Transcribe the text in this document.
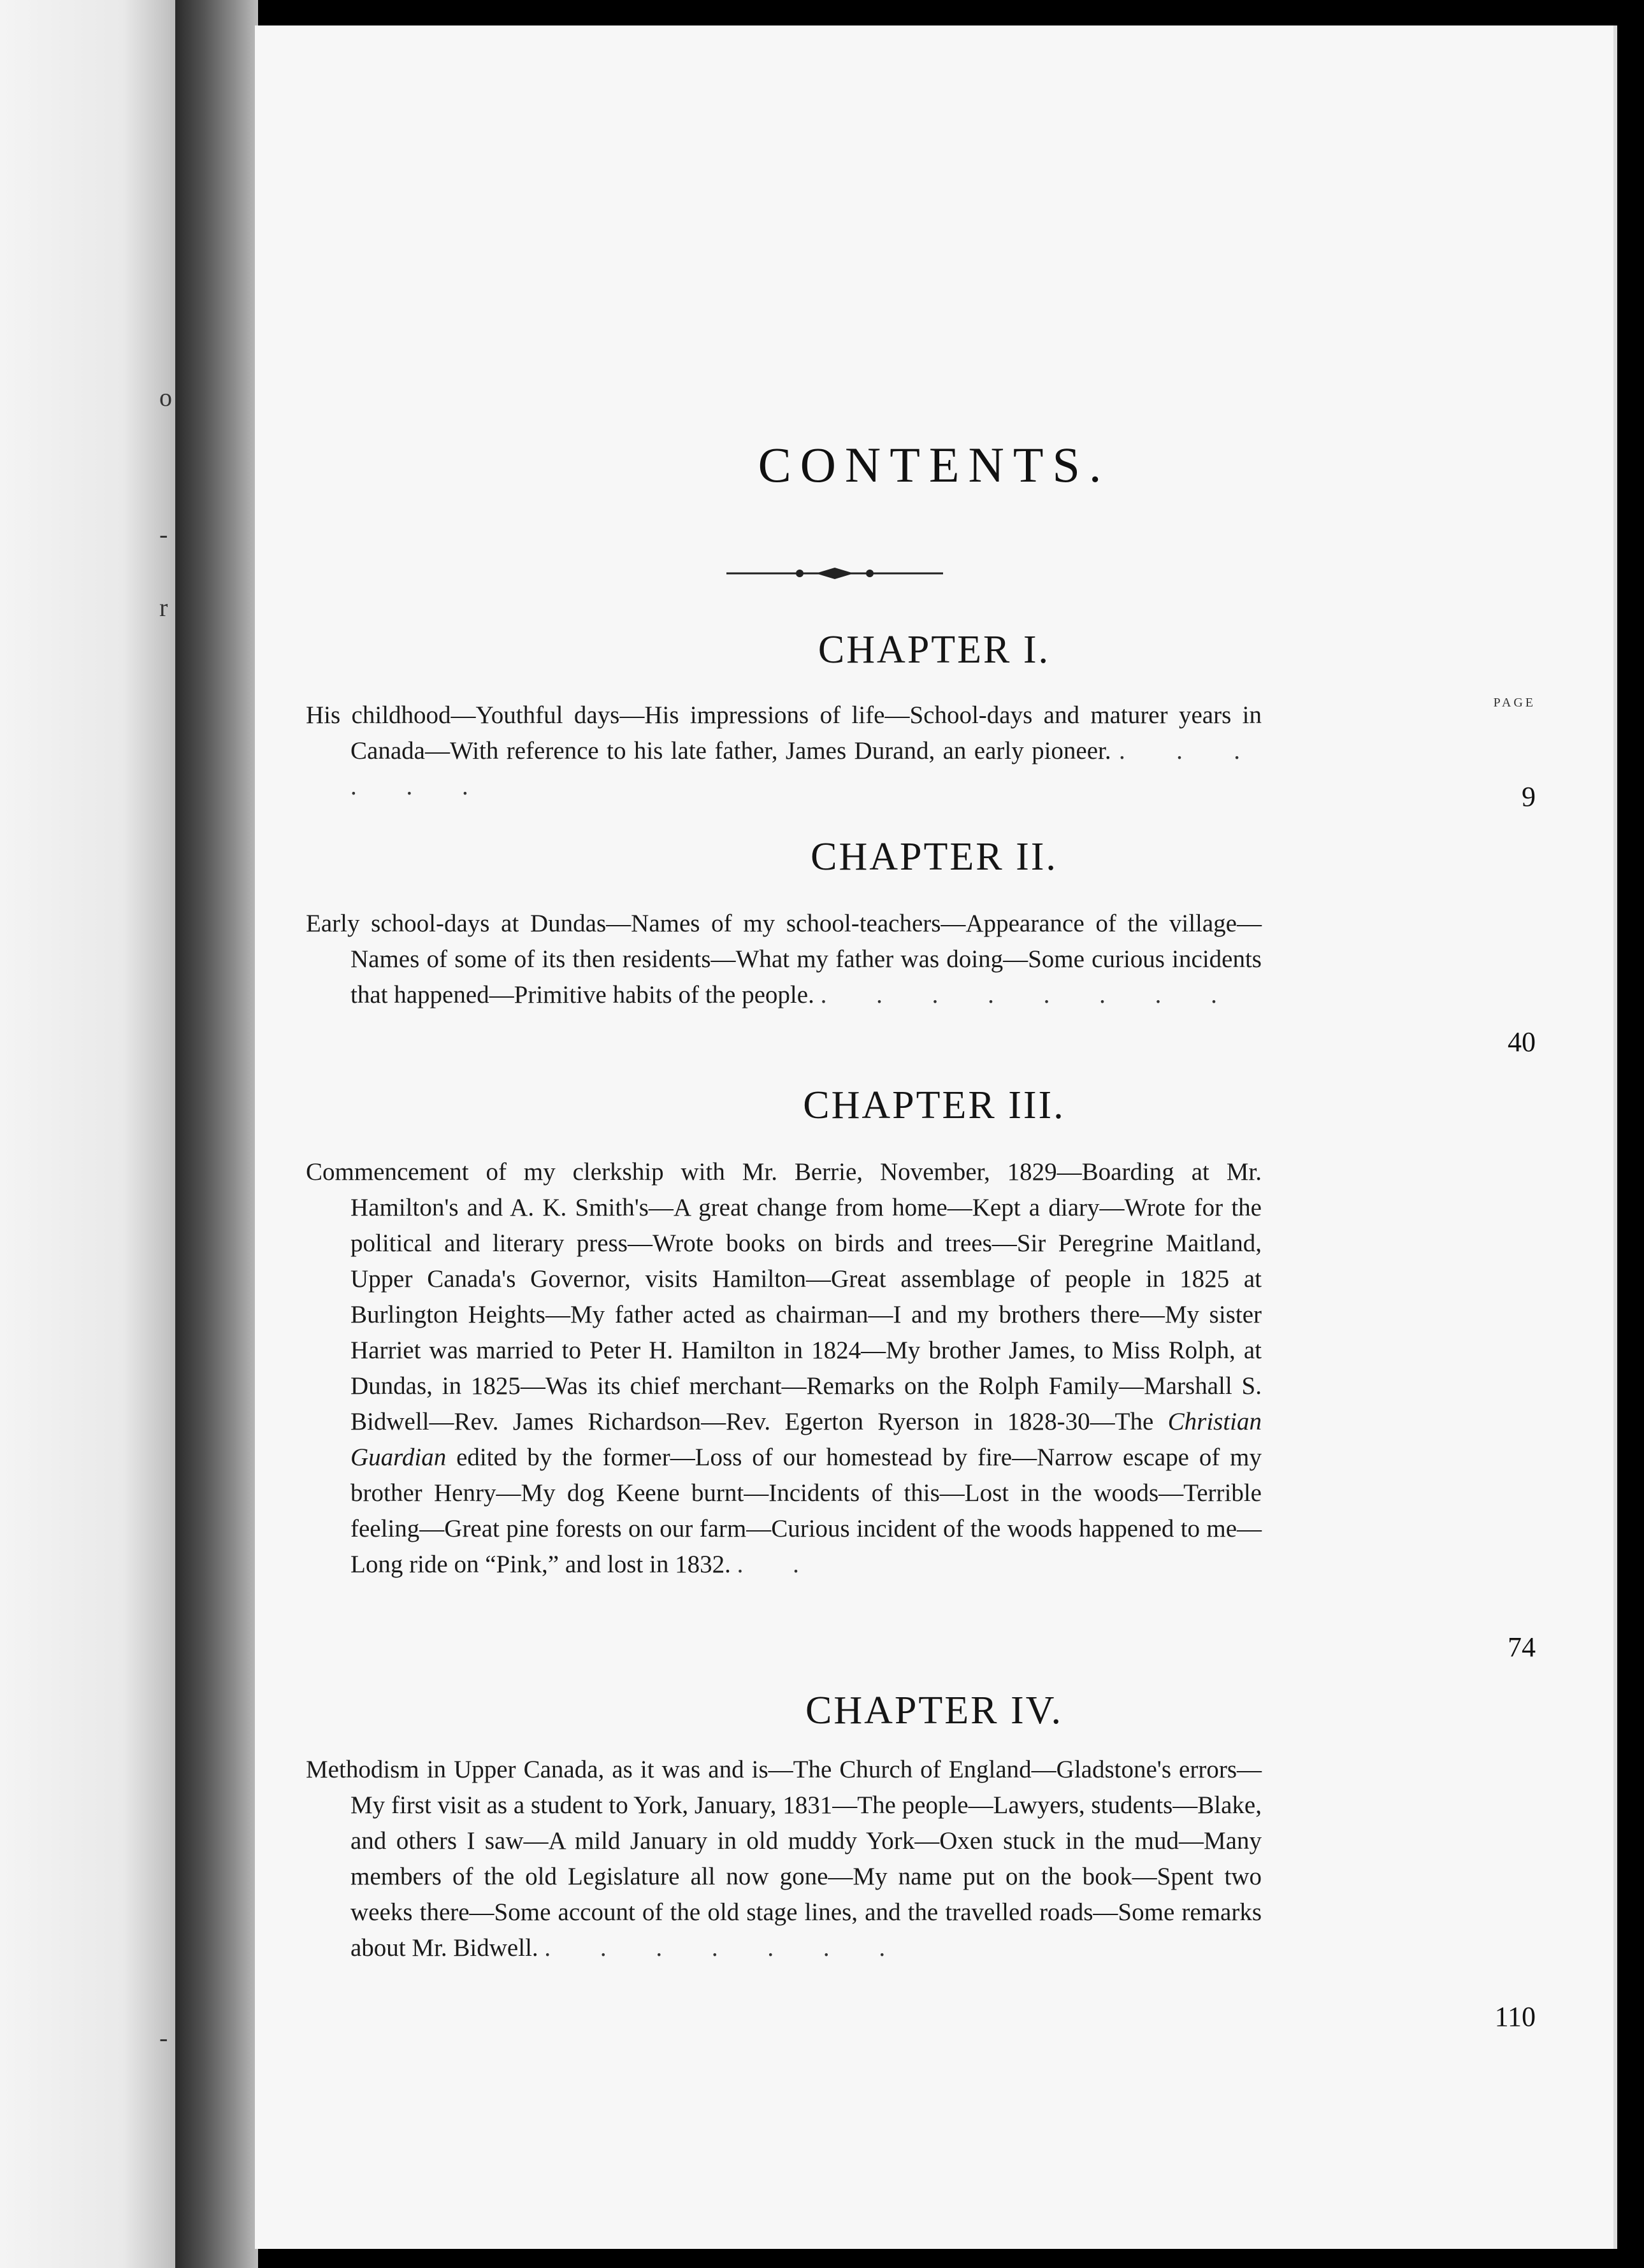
o
-
r
-
CONTENTS.
CHAPTER I.
PAGE
His childhood—Youthful days—His impressions of life—School-days and maturer years in Canada—With reference to his late father, James Durand, an early pioneer. . . . . . .	9
CHAPTER II.
Early school-days at Dundas—Names of my school-teachers—Appearance of the village—Names of some of its then residents—What my father was doing—Some curious incidents that happened—Primitive habits of the people. . . . . . . . .
40
CHAPTER III.
Commencement of my clerkship with Mr. Berrie, November, 1829—Boarding at Mr. Hamilton's and A. K. Smith's—A great change from home—Kept a diary—Wrote for the political and literary press—Wrote books on birds and trees—Sir Peregrine Maitland, Upper Canada's Governor, visits Hamilton—Great assemblage of people in 1825 at Burlington Heights—My father acted as chairman—I and my brothers there—My sister Harriet was married to Peter H. Hamilton in 1824—My brother James, to Miss Rolph, at Dundas, in 1825—Was its chief merchant—Remarks on the Rolph Family—Marshall S. Bidwell—Rev. James Richardson—Rev. Egerton Ryerson in 1828-30—The Christian Guardian edited by the former—Loss of our homestead by fire—Narrow escape of my brother Henry—My dog Keene burnt—Incidents of this—Lost in the woods—Terrible feeling—Great pine forests on our farm—Curious incident of the woods happened to me—Long ride on “Pink,” and lost in 1832. . .
74
CHAPTER IV.
Methodism in Upper Canada, as it was and is—The Church of England—Gladstone's errors—My first visit as a student to York, January, 1831—The people—Lawyers, students—Blake, and others I saw—A mild January in old muddy York—Oxen stuck in the mud—Many members of the old Legislature all now gone—My name put on the book—Spent two weeks there—Some account of the old stage lines, and the travelled roads—Some remarks about Mr. Bidwell. . . . . . . .
110
